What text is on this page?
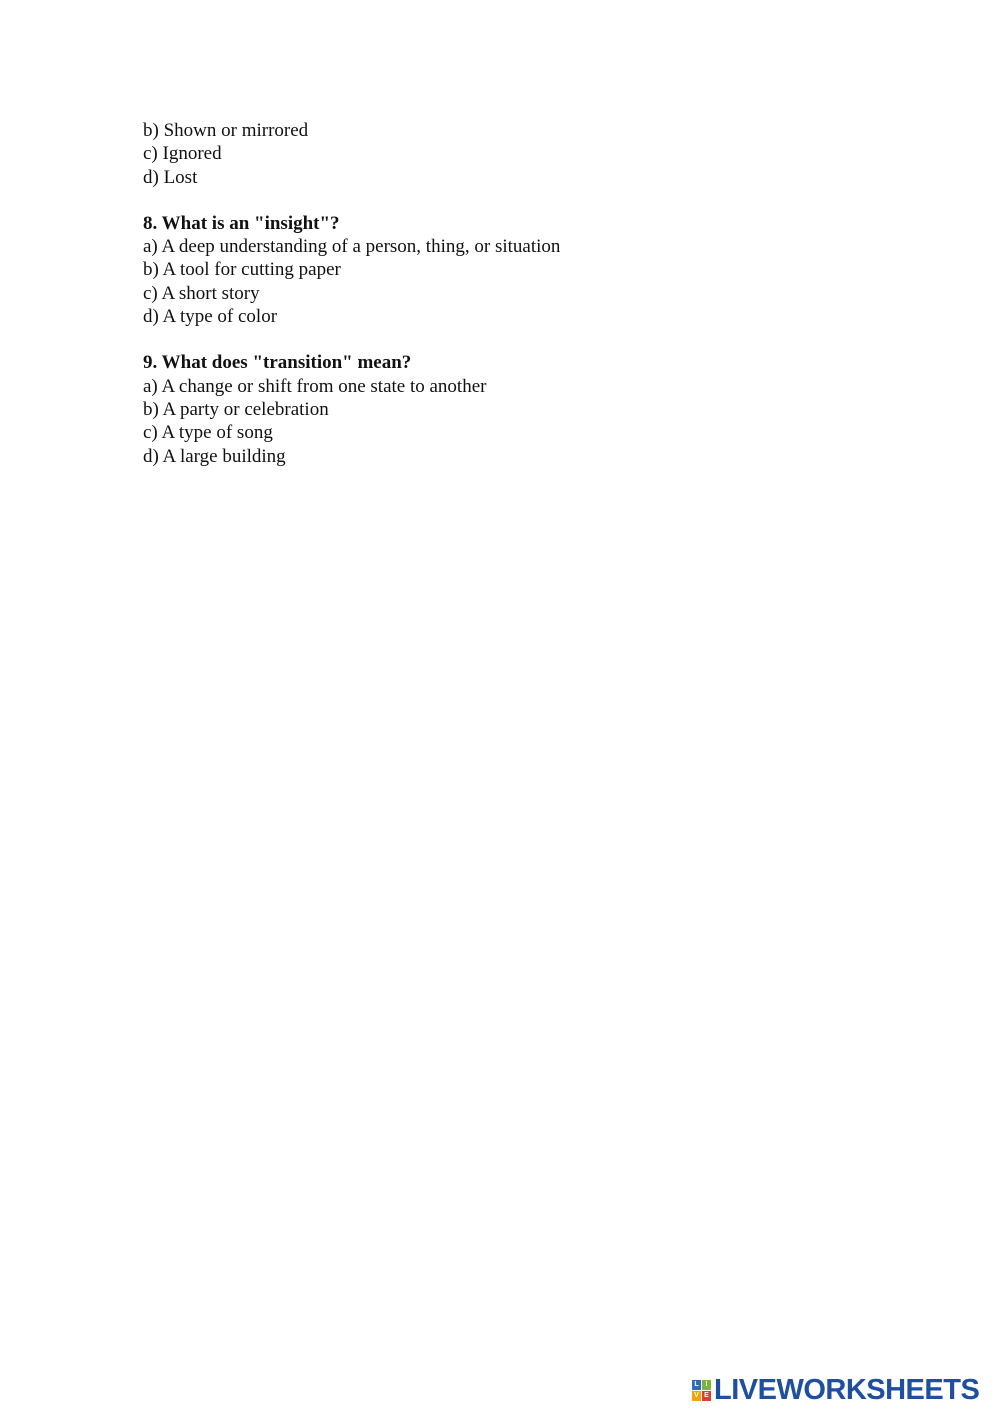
b) Shown or mirrored
c) Ignored
d) Lost
8. What is an "insight"?
a) A deep understanding of a person, thing, or situation
b) A tool for cutting paper
c) A short story
d) A type of color
9. What does "transition" mean?
a) A change or shift from one state to another
b) A party or celebration
c) A type of song
d) A large building
L I
V E LIVEWORKSHEETS
